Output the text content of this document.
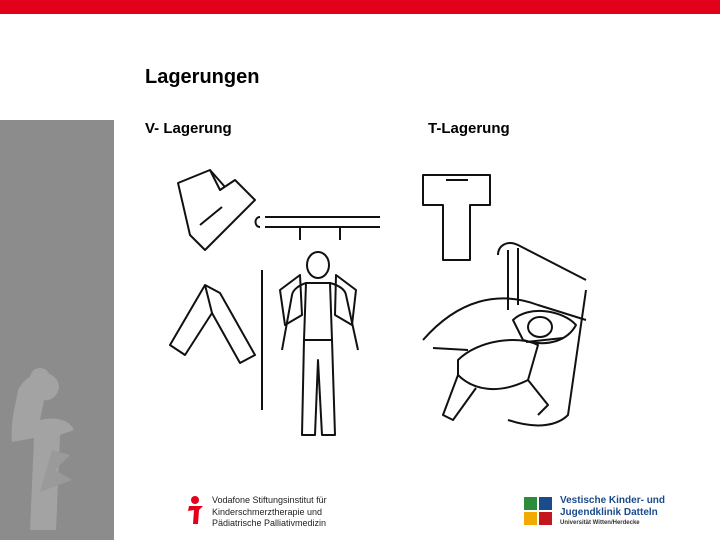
Lagerungen
V- Lagerung	T-Lagerung
Vodafone Stiftungsinstitut für
Kinderschmerztherapie und
Pädiatrische Palliativmedizin
Vestische Kinder- und
Jugendklinik Datteln
Universität Witten/Herdecke
